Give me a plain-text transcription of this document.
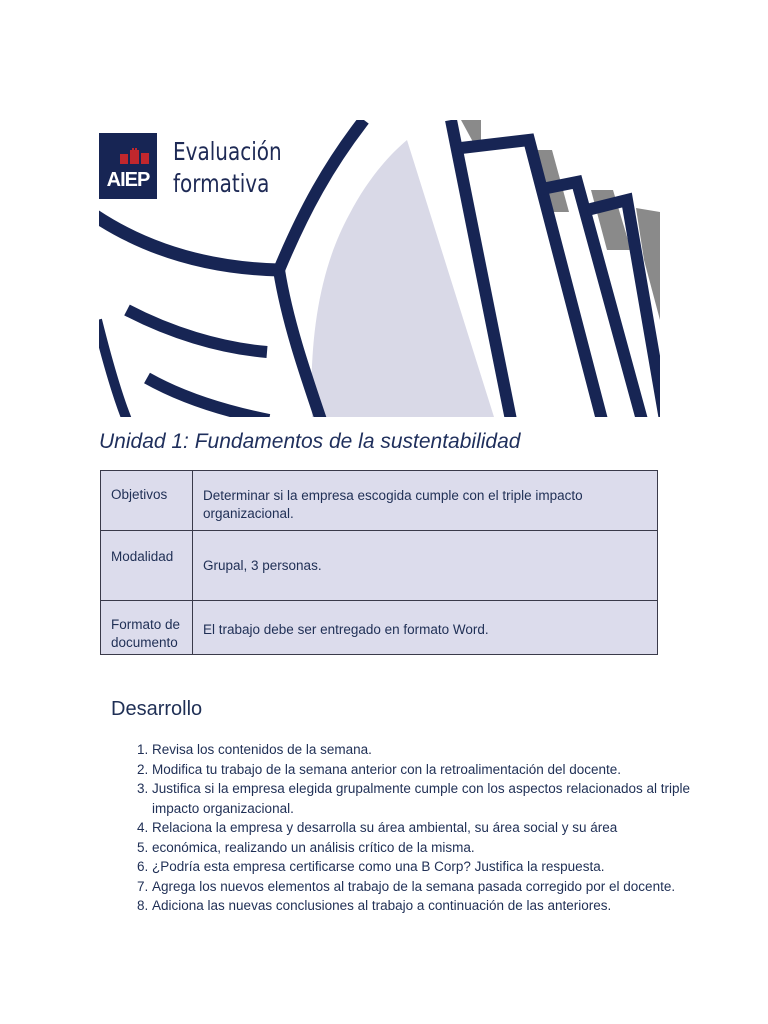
AIEP
Evaluación
formativa
Unidad 1: Fundamentos de la sustentabilidad
Objetivos	Determinar si la empresa escogida cumple con el triple impacto organizacional.
Modalidad	Grupal, 3 personas.
Formato de documento	El trabajo debe ser entregado en formato Word.
Desarrollo
1. Revisa los contenidos de la semana.
2. Modifica tu trabajo de la semana anterior con la retroalimentación del docente.
3. Justifica si la empresa elegida grupalmente cumple con los aspectos relacionados al triple impacto organizacional.
4. Relaciona la empresa y desarrolla su área ambiental, su área social y su área
5. económica, realizando un análisis crítico de la misma.
6. ¿Podría esta empresa certificarse como una B Corp? Justifica la respuesta.
7. Agrega los nuevos elementos al trabajo de la semana pasada corregido por el docente.
8. Adiciona las nuevas conclusiones al trabajo a continuación de las anteriores.
